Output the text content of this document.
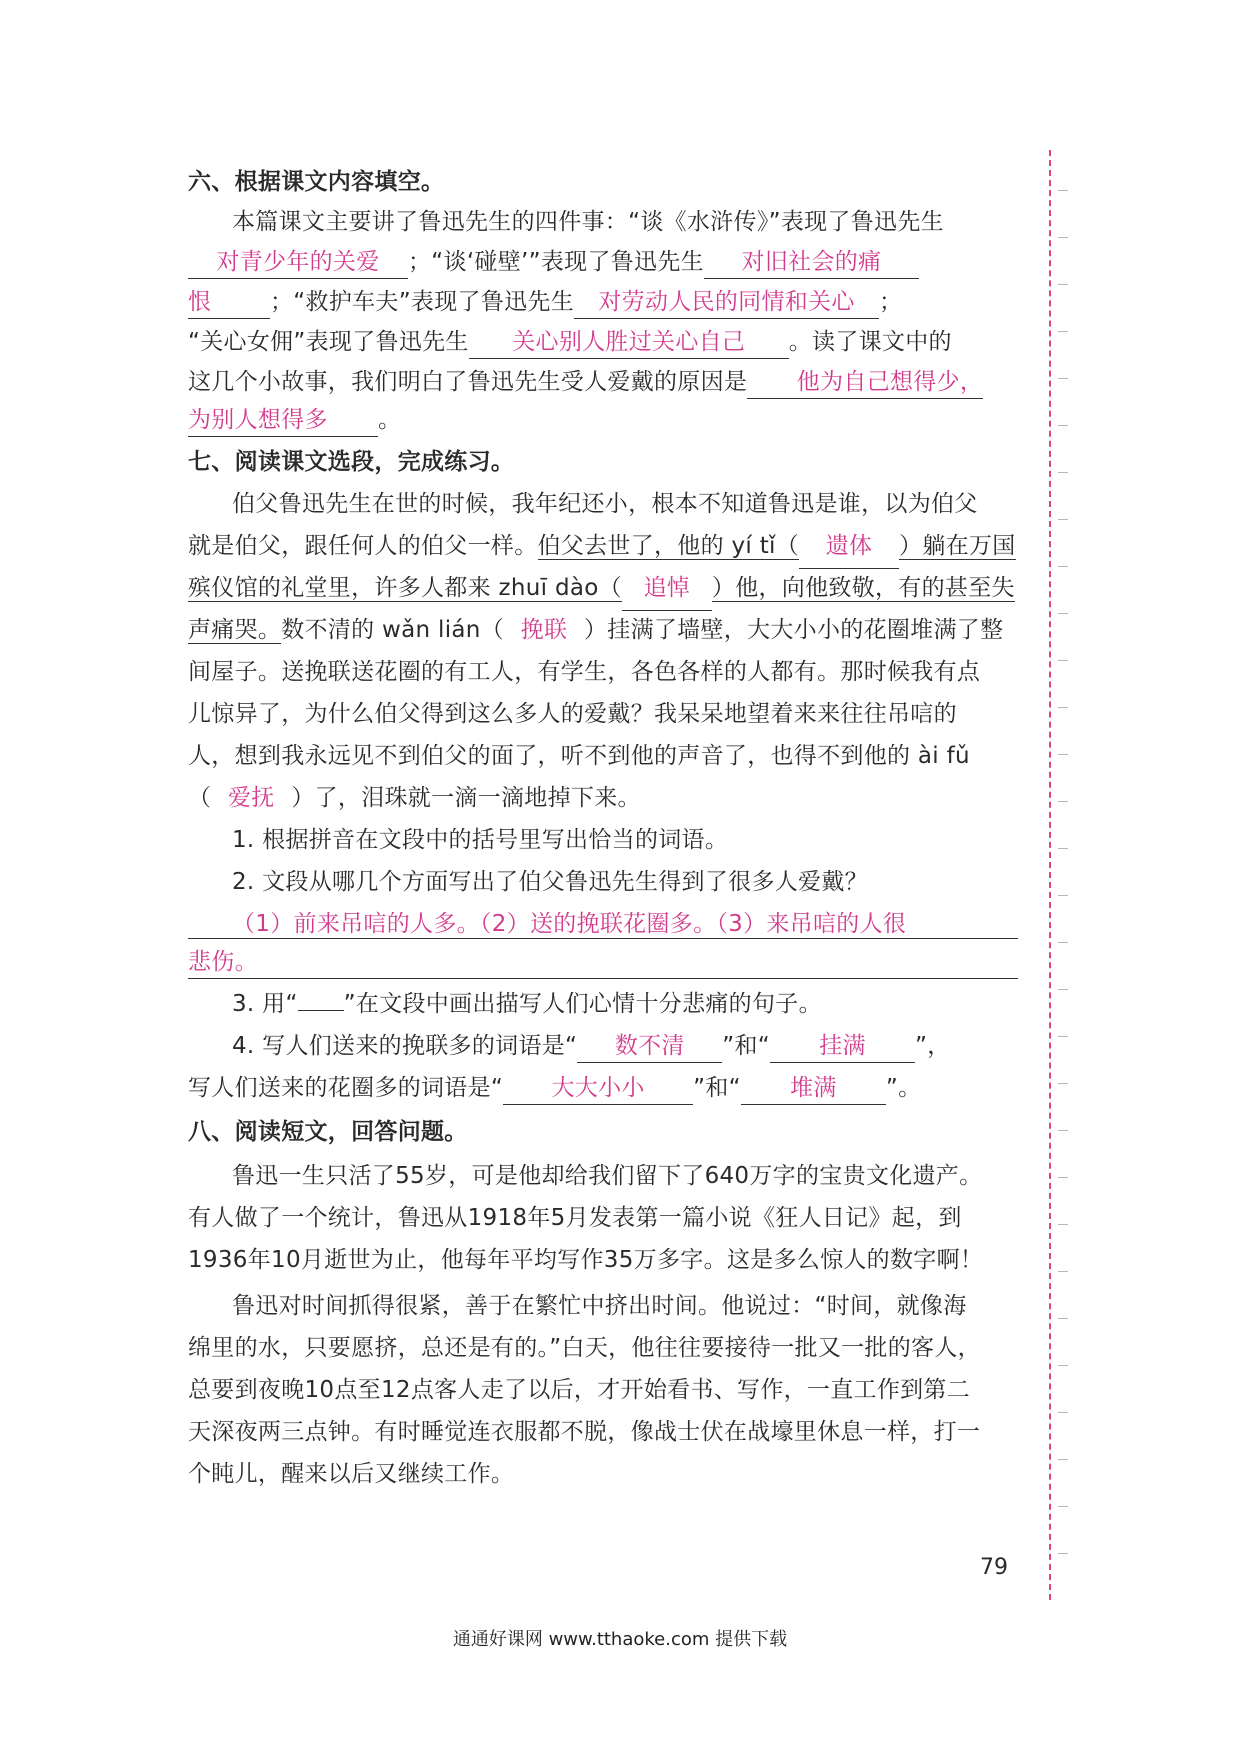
六、根据课文内容填空。
本篇课文主要讲了鲁迅先生的四件事：“谈《水浒传》”表现了鲁迅先生
对青少年的关爱 ；“谈‘碰壁’”表现了鲁迅先生 对旧社会的痛
恨	；“救护车夫”表现了鲁迅先生 对劳动人民的同情和关心 ；
“关心女佣”表现了鲁迅先生 关心别人胜过关心自己 。读了课文中的
这几个小故事，我们明白了鲁迅先生受人爱戴的原因是 他为自己想得少，
为别人想得多 。
七、阅读课文选段，完成练习。
伯父鲁迅先生在世的时候，我年纪还小，根本不知道鲁迅是谁，以为伯父
就是伯父，跟任何人的伯父一样。伯父去世了，他的 yí tǐ（ 遗体 ）躺在万国
殡仪馆的礼堂里，许多人都来 zhuī dào（ 追悼 ）他，向他致敬，有的甚至失
声痛哭。数不清的 wǎn lián（ 挽联 ）挂满了墙壁，大大小小的花圈堆满了整
间屋子。送挽联送花圈的有工人，有学生，各色各样的人都有。那时候我有点
儿惊异了，为什么伯父得到这么多人的爱戴？我呆呆地望着来来往往吊唁的
人，想到我永远见不到伯父的面了，听不到他的声音了，也得不到他的 ài fǔ
（ 爱抚 ）了，泪珠就一滴一滴地掉下来。
1. 根据拼音在文段中的括号里写出恰当的词语。
2. 文段从哪几个方面写出了伯父鲁迅先生得到了很多人爱戴？
（1）前来吊唁的人多。（2）送的挽联花圈多。（3）来吊唁的人很
悲伤。
3. 用“ ”在文段中画出描写人们心情十分悲痛的句子。
4. 写人们送来的挽联多的词语是“ 数不清 ”和“ 挂满 ”，
写人们送来的花圈多的词语是“ 大大小小 ”和“ 堆满 ”。
八、阅读短文，回答问题。
鲁迅一生只活了55岁，可是他却给我们留下了640万字的宝贵文化遗产。
有人做了一个统计，鲁迅从1918年5月发表第一篇小说《狂人日记》起，到
1936年10月逝世为止，他每年平均写作35万多字。这是多么惊人的数字啊！
鲁迅对时间抓得很紧，善于在繁忙中挤出时间。他说过：“时间，就像海
绵里的水，只要愿挤，总还是有的。”白天，他往往要接待一批又一批的客人，
总要到夜晚10点至12点客人走了以后，才开始看书、写作，一直工作到第二
天深夜两三点钟。有时睡觉连衣服都不脱，像战士伏在战壕里休息一样，打一
个盹儿，醒来以后又继续工作。
79
通通好课网 www.tthaoke.com 提供下载
